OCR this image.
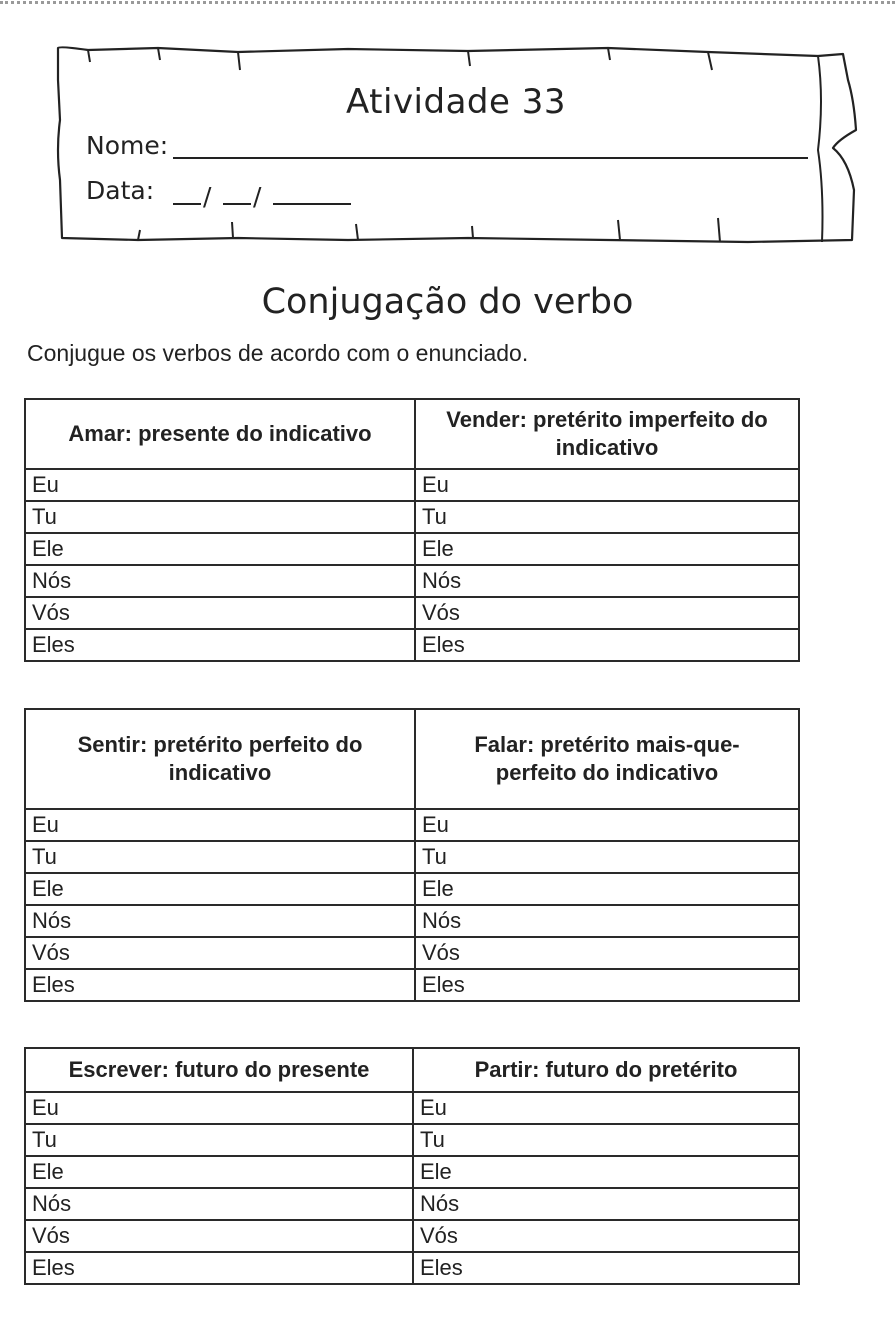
Atividade 33
Nome:
Data: / /
Conjugação do verbo
Conjugue os verbos de acordo com o enunciado.
Amar: presente do indicativo	Vender: pretérito imperfeito do indicativo
Eu	Eu
Tu	Tu
Ele	Ele
Nós	Nós
Vós	Vós
Eles	Eles
Sentir: pretérito perfeito do indicativo	Falar: pretérito mais-que-perfeito do indicativo
Eu	Eu
Tu	Tu
Ele	Ele
Nós	Nós
Vós	Vós
Eles	Eles
Escrever: futuro do presente	Partir: futuro do pretérito
Eu	Eu
Tu	Tu
Ele	Ele
Nós	Nós
Vós	Vós
Eles	Eles
